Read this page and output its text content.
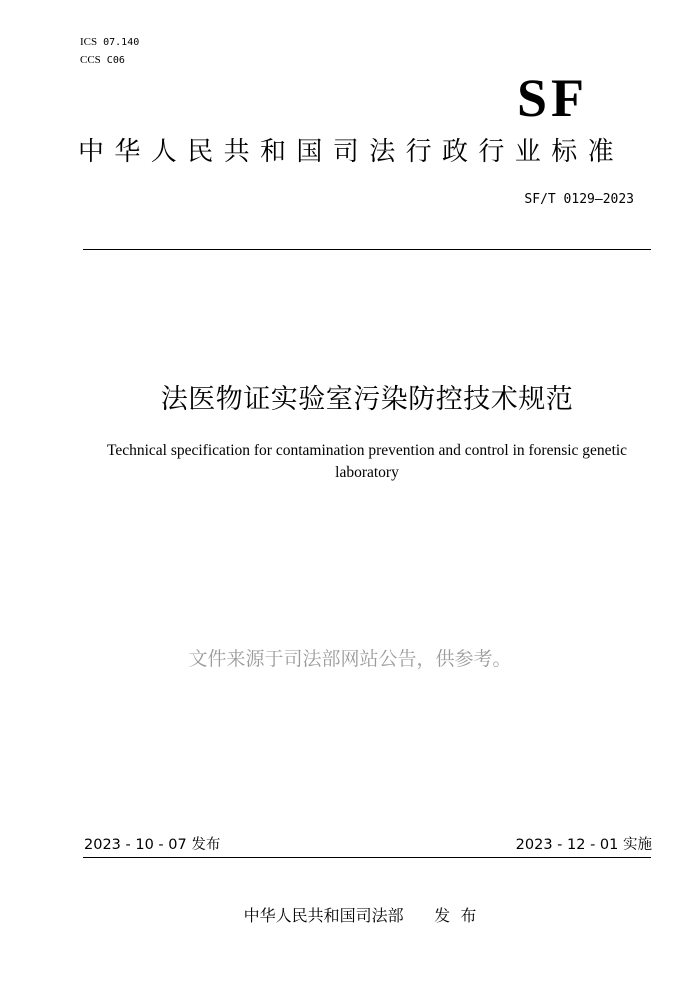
ICS 07.140
CCS C06
SF
中华人民共和国司法行政行业标准
SF/T 0129—2023
法医物证实验室污染防控技术规范
Technical specification for contamination prevention and control in forensic genetic
laboratory
文件来源于司法部网站公告，供参考。
2023 - 10 - 07 发布	2023 - 12 - 01 实施
中华人民共和国司法部      发  布
